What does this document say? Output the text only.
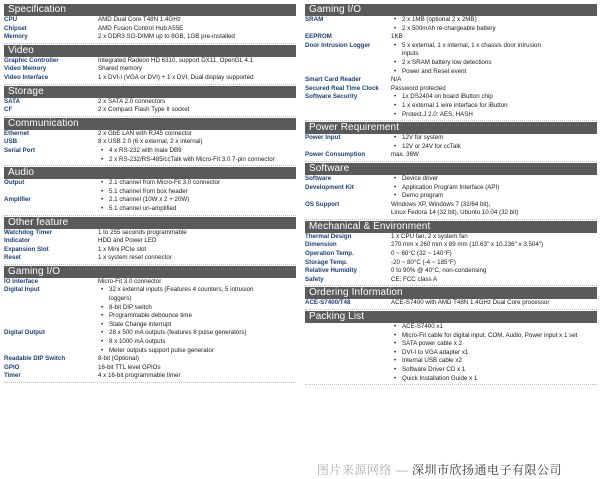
Specification
CPU	AMD Dual Core T48N 1.4GHz
Chipset	AMD Fusion Control Hub A55E
Memory	2 x DDR3 SO-DIMM up to 8GB, 1GB pre-installed
Video
Graphic Controller	Integrated Radeon HD 6310, support DX11, OpenGL 4.1
Video Memory	Shared memory
Video Interface	1 x DVI-I (VGA or DVI) + 1 x DVI, Dual display supported
Storage
SATA	2 x SATA 2.0 connectors
CF	2 x Compact Flash Type II socket
Communication
Ethernet	2 x GbE LAN with RJ45 connector
USB	8 x USB 2.0 (6 x external, 2 x internal)
Serial Port	• 4 x RS-232 with male DB9
• 2 x RS-232/RS-485/ccTalk with Micro-Fit 3.0 7-pin connector
Audio
Output	• 2.1 channel from Micro-Fit 3.0 connector
• 5.1 channel from box header
Amplifier	• 2.1 channel (10W x 2 + 20W)
• 5.1 channel un-amplified
Other feature
Watchdog Timer	1 to 255 seconds programmable
Indicator	HDD and Power LED
Expansion Slot	1 x Mini PCIe slot
Reset	1 x system reset connector
Gaming I/O
IO Interface	Micro-Fit 3.0 connector
Digital Input	• 32 x external inputs (Features 4 counters, 5 intrusion
loggers)
• 8-bit DIP switch
• Programmable debounce time
• State Change interrupt
Digital Output	• 28 x 500 mA outputs (features 8 pulse generators)
• 8 x 1000 mA outputs
• Meter outputs support pulse generator
Readable DIP Switch	8-bit (Optional)
GPIO	16-bit TTL level GPIOs
Timer	4 x 16-bit programmable timer
Gaming I/O
SRAM	• 2 x 1MB (optional 2 x 2MB)
• 2 x 500mAh re-chargeable battery
EEPROM	1KB
Door Intrusion Logger	• 5 x external, 1 x internal, 1 x chassis door intrusion
inputs
• 2 x SRAM battery low detections
• Power and Reset event
Smart Card Reader	N/A
Secured Real Time Clock	Password protected
Software Security	• 1x DS2404 on board iButton chip
• 1 x external 1 wire interface for iButton
• Protect.J 2.0: AES, HASH
Power Requirement
Power Input	• 12V for system
• 12V or 24V for ccTalk
Power Consumption	max. 36W
Software
Software	• Device driver
Development Kit	• Application Program Interface (API)
• Demo program
OS Support	Windows XP, Windows 7 (32/64 bit),
Linux Fedora 14 (32 bit), Ubuntu 10.04 (32 bit)
Mechanical & Environment
Thermal Design	1 x CPU fan, 2 x system fan
Dimension	270 mm x 260 mm x 89 mm (10.63" x 10.236" x 3.504")
Operation Temp.	0 ~ 60°C (32 ~ 140°F)
Storage Temp.	-20 ~ 80°C (-4 ~ 185°F)
Relative Humidity	0 to 90% @ 40°C, non-condensing
Safety	CE, FCC class A
Ordering Information
ACE-S7400/T48	ACE-S7400 with AMD T48N 1.4GHz Dual Core processor
Packing List
• ACE-S7400 x1
• Micro-Fit cable for digital input, COM, Audio, Power input x 1 set
• SATA power cable x 2
• DVI-I to VGA adapter x1
• Internal USB cable x2
• Software Driver CD x 1
• Quick Installation Guide x 1
图片来源网络 — 深圳市欣扬通电子有限公司
